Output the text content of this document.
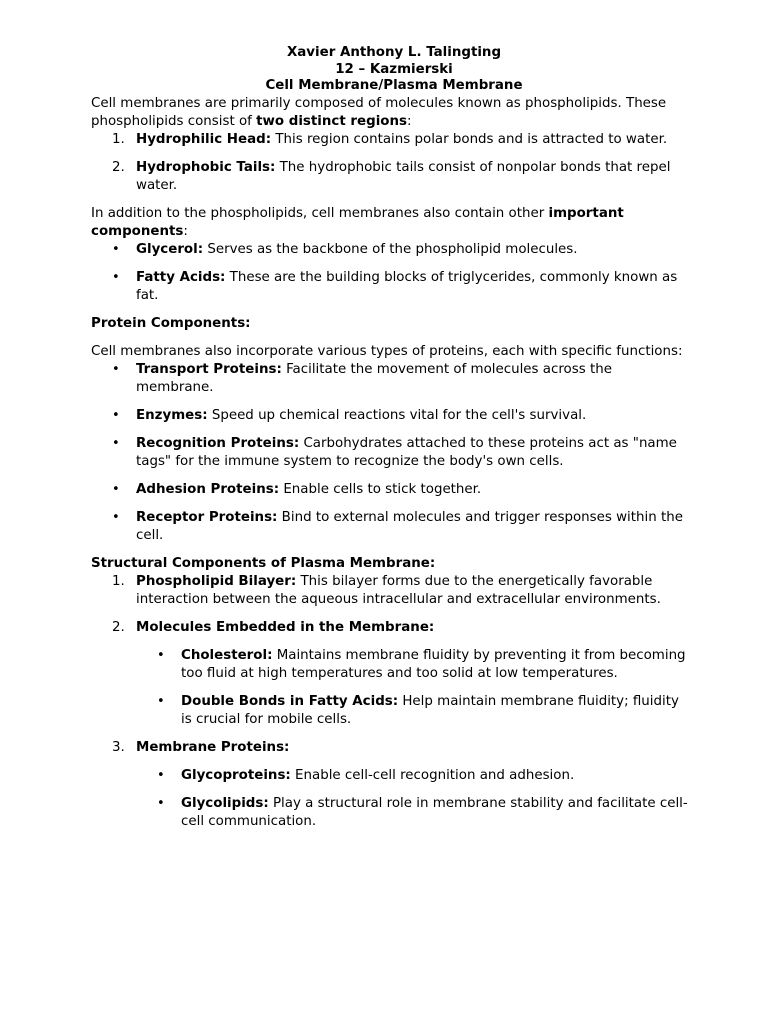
Xavier Anthony L. Talingting
12 – Kazmierski
Cell Membrane/Plasma Membrane

Cell membranes are primarily composed of molecules known as phospholipids. These phospholipids consist of two distinct regions:

1. Hydrophilic Head: This region contains polar bonds and is attracted to water.
2. Hydrophobic Tails: The hydrophobic tails consist of nonpolar bonds that repel water.

In addition to the phospholipids, cell membranes also contain other important components:

• Glycerol: Serves as the backbone of the phospholipid molecules.
• Fatty Acids: These are the building blocks of triglycerides, commonly known as fat.

Protein Components:

Cell membranes also incorporate various types of proteins, each with specific functions:

• Transport Proteins: Facilitate the movement of molecules across the membrane.
• Enzymes: Speed up chemical reactions vital for the cell's survival.
• Recognition Proteins: Carbohydrates attached to these proteins act as "name tags" for the immune system to recognize the body's own cells.
• Adhesion Proteins: Enable cells to stick together.
• Receptor Proteins: Bind to external molecules and trigger responses within the cell.

Structural Components of Plasma Membrane:

1. Phospholipid Bilayer: This bilayer forms due to the energetically favorable interaction between the aqueous intracellular and extracellular environments.
2. Molecules Embedded in the Membrane:
• Cholesterol: Maintains membrane fluidity by preventing it from becoming too fluid at high temperatures and too solid at low temperatures.
• Double Bonds in Fatty Acids: Help maintain membrane fluidity; fluidity is crucial for mobile cells.
3. Membrane Proteins:
• Glycoproteins: Enable cell-cell recognition and adhesion.
• Glycolipids: Play a structural role in membrane stability and facilitate cell-cell communication.
